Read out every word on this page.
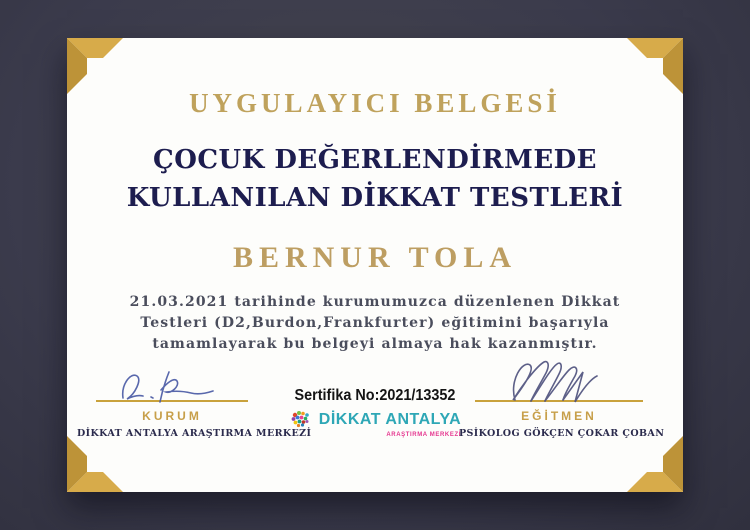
UYGULAYICI BELGESİ
ÇOCUK DEĞERLENDİRMEDE
KULLANILAN DİKKAT TESTLERİ
BERNUR TOLA
21.03.2021 tarihinde kurumumuzca düzenlenen Dikkat
Testleri (D2,Burdon,Frankfurter) eğitimini başarıyla
tamamlayarak bu belgeyi almaya hak kazanmıştır.
KURUM
DİKKAT ANTALYA ARAŞTIRMA MERKEZİ
Sertifika No:2021/13352
DİKKAT ANTALYA
ARAŞTIRMA MERKEZİ
EĞİTMEN
PSİKOLOG GÖKÇEN ÇOKAR ÇOBAN
